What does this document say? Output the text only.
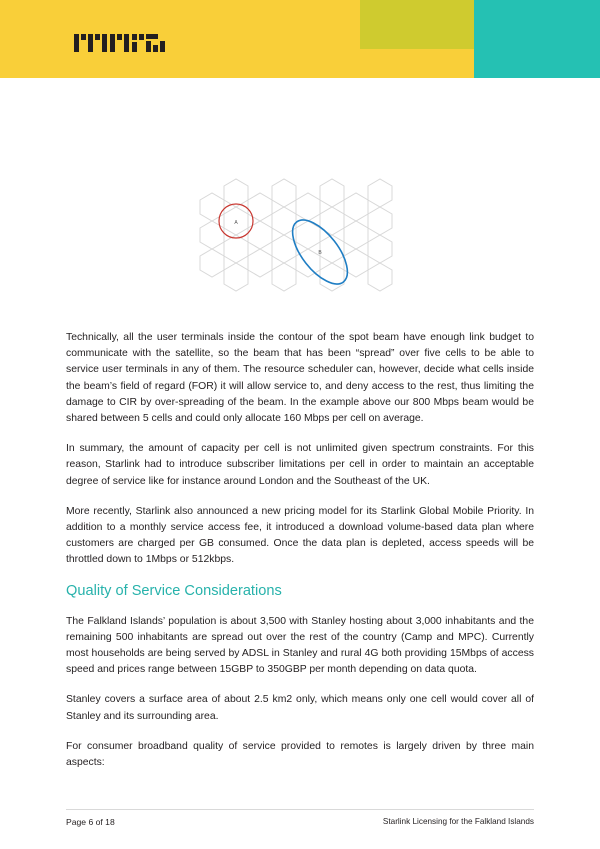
A
B

Technically, all the user terminals inside the contour of the spot beam have enough link budget to communicate with the satellite, so the beam that has been “spread” over five cells to be able to service user terminals in any of them. The resource scheduler can, however, decide what cells inside the beam’s field of regard (FOR) it will allow service to, and deny access to the rest, thus limiting the damage to CIR by over-spreading of the beam. In the example above our 800 Mbps beam would be shared between 5 cells and could only allocate 160 Mbps per cell on average.

In summary, the amount of capacity per cell is not unlimited given spectrum constraints. For this reason, Starlink had to introduce subscriber limitations per cell in order to maintain an acceptable degree of service like for instance around London and the Southeast of the UK.

More recently, Starlink also announced a new pricing model for its Starlink Global Mobile Priority. In addition to a monthly service access fee, it introduced a download volume-based data plan where customers are charged per GB consumed. Once the data plan is depleted, access speeds will be throttled down to 1Mbps or 512kbps.

Quality of Service Considerations

The Falkland Islands’ population is about 3,500 with Stanley hosting about 3,000 inhabitants and the remaining 500 inhabitants are spread out over the rest of the country (Camp and MPC). Currently most households are being served by ADSL in Stanley and rural 4G both providing 15Mbps of access speed and prices range between 15GBP to 350GBP per month depending on data quota.

Stanley covers a surface area of about 2.5 km2 only, which means only one cell would cover all of Stanley and its surrounding area.

For consumer broadband quality of service provided to remotes is largely driven by three main aspects:

Page 6 of 18	Starlink Licensing for the Falkland Islands
